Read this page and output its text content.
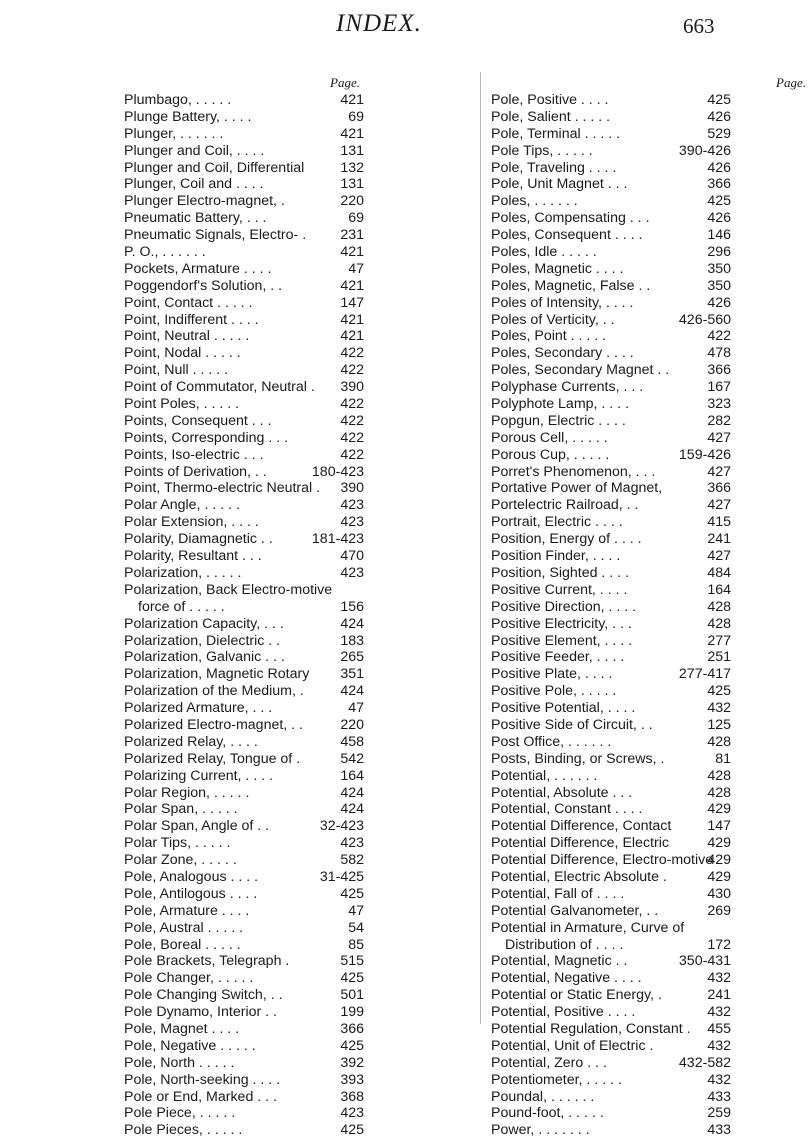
INDEX.	663
Page.
Plumbago, . . . . .	421
Plunge Battery, . . . .	69
Plunger, . . . . . .	421
Plunger and Coil, . . . .	131
Plunger and Coil, Differential	132
Plunger, Coil and . . . .	131
Plunger Electro-magnet, .	220
Pneumatic Battery, . . .	69
Pneumatic Signals, Electro- . 231
P. O., . . . . . .	421
Pockets, Armature . . . .	47
Poggendorf's Solution, . .	421
Point, Contact . . . . .	147
Point, Indifferent . . . .	421
Point, Neutral . . . . .	421
Point, Nodal . . . . .	422
Point, Null . . . . .	422
Point of Commutator, Neutral . 390
Point Poles, . . . . .	422
Points, Consequent . . .	422
Points, Corresponding . . .	422
Points, Iso-electric . . .	422
Points of Derivation, . .	180-423
Point, Thermo-electric Neutral . 390
Polar Angle, . . . . .	423
Polar Extension, . . . .	423
Polarity, Diamagnetic . .	181-423
Polarity, Resultant . . .	470
Polarization, . . . . .	423
Polarization, Back Electro-motive
force of . . . . .	156
Polarization Capacity, . . .	424
Polarization, Dielectric . .	183
Polarization, Galvanic . . .	265
Polarization, Magnetic Rotary 351
Polarization of the Medium, .	424
Polarized Armature, . . .	47
Polarized Electro-magnet, . .	220
Polarized Relay, . . . .	458
Polarized Relay, Tongue of .	542
Polarizing Current, . . . .	164
Polar Region, . . . . .	424
Polar Span, . . . . .	424
Polar Span, Angle of . .	32-423
Polar Tips, . . . . .	423
Polar Zone, . . . . .	582
Pole, Analogous . . . .	31-425
Pole, Antilogous . . . .	425
Pole, Armature . . . .	47
Pole, Austral . . . . .	54
Pole, Boreal . . . . .	85
Pole Brackets, Telegraph .	515
Pole Changer, . . . . .	425
Pole Changing Switch, . .	501
Pole Dynamo, Interior . .	199
Pole, Magnet . . . .	366
Pole, Negative . . . . .	425
Pole, North . . . . .	392
Pole, North-seeking . . . .	393
Pole or End, Marked . . .	368
Pole Piece, . . . . .	423
Pole Pieces, . . . . .	425
Page.
Pole, Positive . . . .	425
Pole, Salient . . . . .	426
Pole, Terminal . . . . .	529
Pole Tips, . . . . .	390-426
Pole, Traveling . . . .	426
Pole, Unit Magnet . . .	366
Poles, . . . . . .	425
Poles, Compensating . . .	426
Poles, Consequent . . . .	146
Poles, Idle . . . . .	296
Poles, Magnetic . . . .	350
Poles, Magnetic, False . .	350
Poles of Intensity, . . . .	426
Poles of Verticity, . .	426-560
Poles, Point . . . . .	422
Poles, Secondary . . . .	478
Poles, Secondary Magnet . .	366
Polyphase Currents, . . .	167
Polyphote Lamp, . . . .	323
Popgun, Electric . . . .	282
Porous Cell, . . . . .	427
Porous Cup, . . . . .	159-426
Porret's Phenomenon, . . .	427
Portative Power of Magnet,	366
Portelectric Railroad, . .	427
Portrait, Electric . . . .	415
Position, Energy of . . . .	241
Position Finder, . . . .	427
Position, Sighted . . . .	484
Positive Current, . . . .	164
Positive Direction, . . . .	428
Positive Electricity, . . .	428
Positive Element, . . . .	277
Positive Feeder, . . . .	251
Positive Plate, . . . .	277-417
Positive Pole, . . . . .	425
Positive Potential, . . . .	432
Positive Side of Circuit, . .	125
Post Office, . . . . . .	428
Posts, Binding, or Screws, .	81
Potential, . . . . . .	428
Potential, Absolute . . .	428
Potential, Constant . . . .	429
Potential Difference, Contact	147
Potential Difference, Electric	429
Potential Difference, Electro-motive
429
Potential, Electric Absolute .	429
Potential, Fall of . . . .	430
Potential Galvanometer, . .	269
Potential in Armature, Curve of
Distribution of . . . .	172
Potential, Magnetic . .	350-431
Potential, Negative . . . .	432
Potential or Static Energy, .	241
Potential, Positive . . . .	432
Potential Regulation, Constant . 455
Potential, Unit of Electric .	432
Potential, Zero . . .	432-582
Potentiometer, . . . . .	432
Poundal, . . . . . .	433
Pound-foot, . . . . .	259
Power, . . . . . . .	433
